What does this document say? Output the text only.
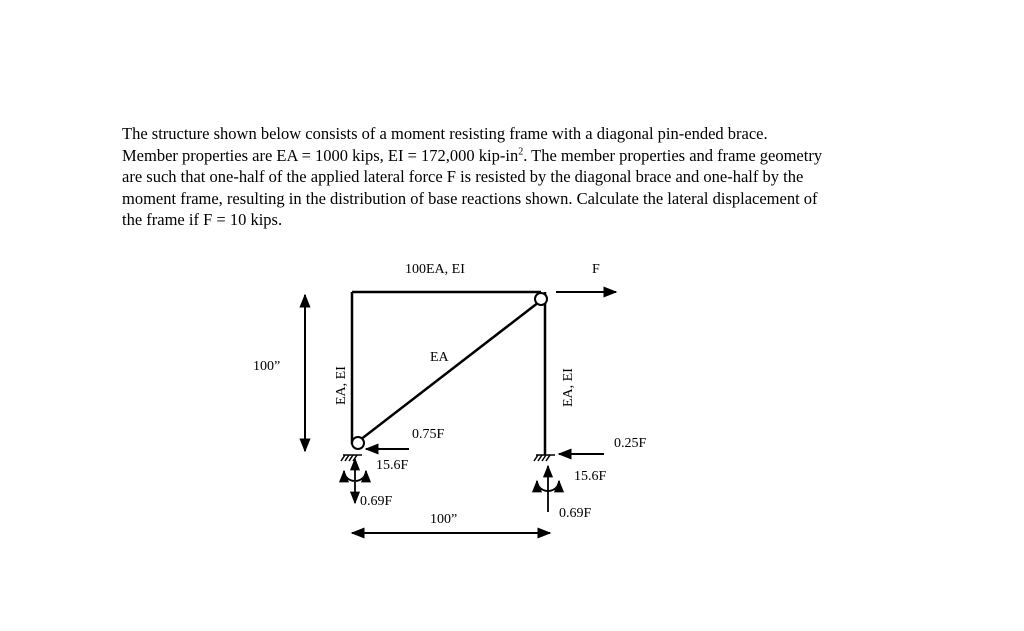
The structure shown below consists of a moment resisting frame with a diagonal pin-ended brace.
Member properties are EA = 1000 kips, EI = 172,000 kip-$in^2$. The member properties and frame geometry
are such that one-half of the applied lateral force F is resisted by the diagonal brace and one-half by the
moment frame, resulting in the distribution of base reactions shown. Calculate the lateral displacement of
the frame if F = 10 kips.
100EA, EI	F
EA
100”	EA, EI	EA, EI
0.75F
0.25F
15.6F
15.6F
0.69F
0.69F
100”
